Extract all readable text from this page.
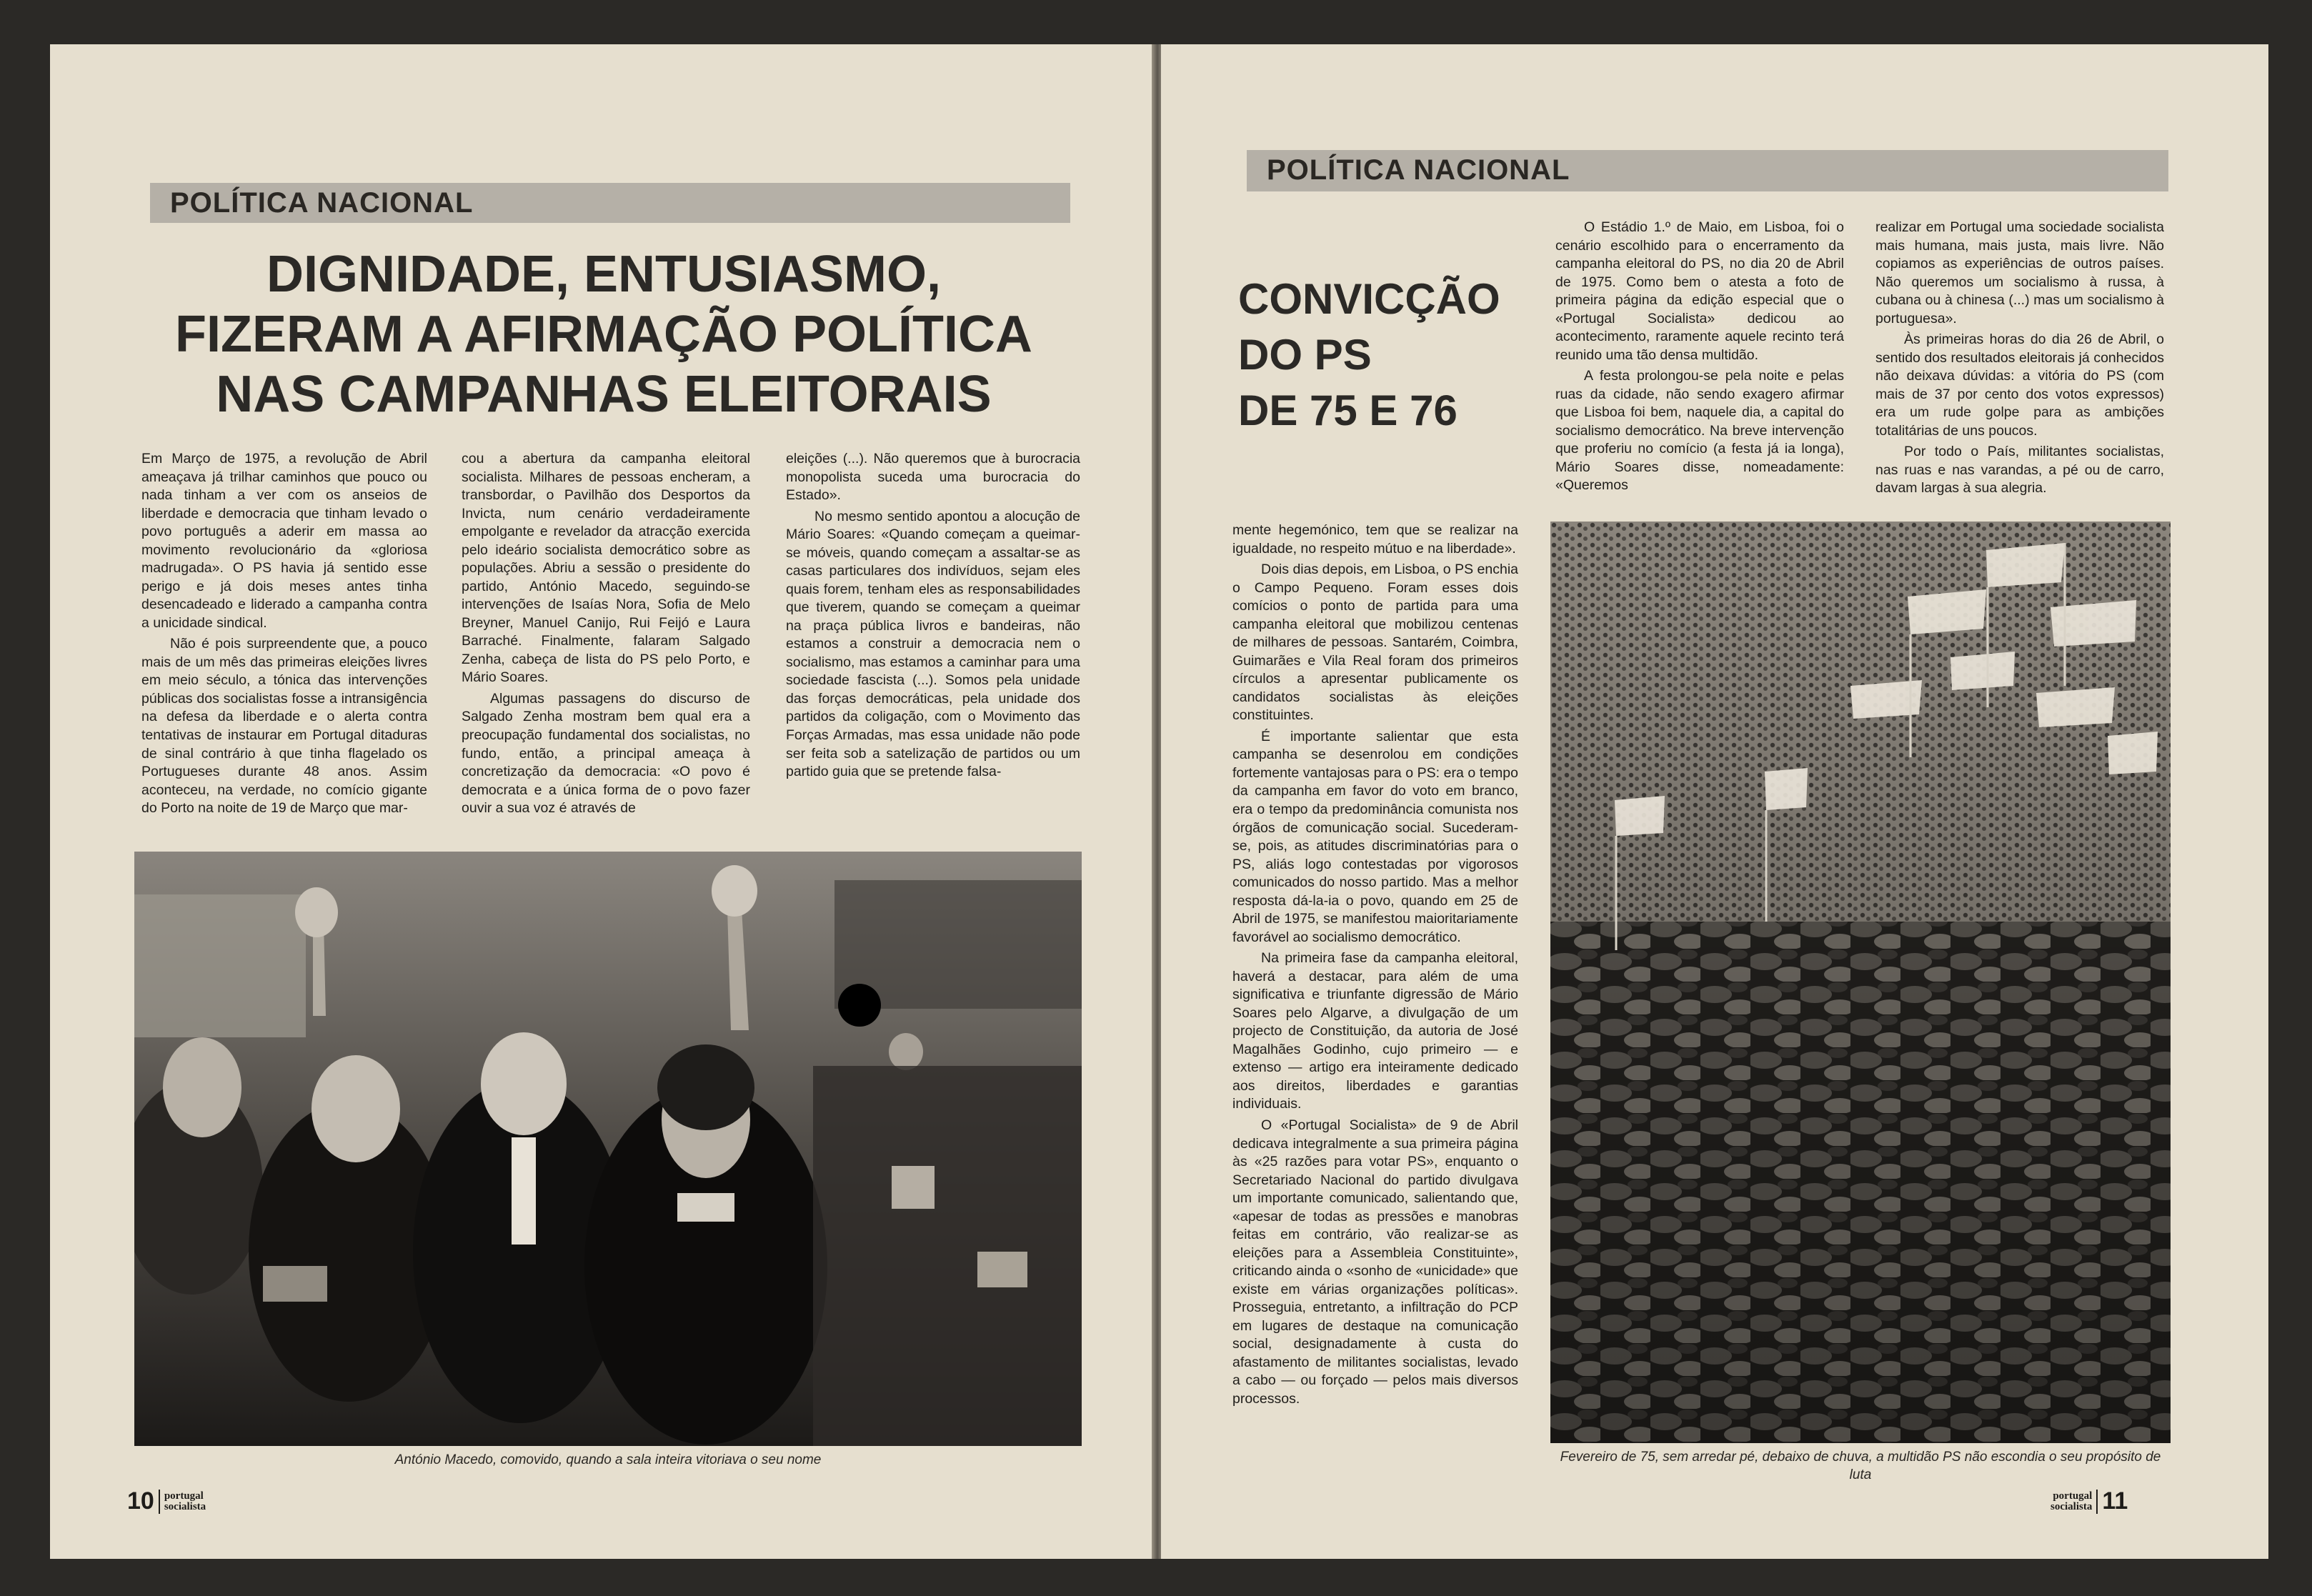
POLÍTICA NACIONAL
DIGNIDADE, ENTUSIASMO,
FIZERAM A AFIRMAÇÃO POLÍTICA
NAS CAMPANHAS ELEITORAIS

Em Março de 1975, a revolução de Abril ameaçava já trilhar caminhos que pouco ou nada tinham a ver com os anseios de liberdade e democracia que tinham levado o povo português a aderir em massa ao movimento revolucionário da «gloriosa madrugada». O PS havia já sentido esse perigo e já dois meses antes tinha desencadeado e liderado a campanha contra a unicidade sindical.

Não é pois surpreendente que, a pouco mais de um mês das primeiras eleições livres em meio século, a tónica das intervenções públicas dos socialistas fosse a intransigência na defesa da liberdade e o alerta contra tentativas de instaurar em Portugal ditaduras de sinal contrário à que tinha flagelado os Portugueses durante 48 anos. Assim aconteceu, na verdade, no comício gigante do Porto na noite de 19 de Março que mar-

cou a abertura da campanha eleitoral socialista. Milhares de pessoas encheram, a transbordar, o Pavilhão dos Desportos da Invicta, num cenário verdadeiramente empolgante e revelador da atracção exercida pelo ideário socialista democrático sobre as populações. Abriu a sessão o presidente do partido, António Macedo, seguindo-se intervenções de Isaías Nora, Sofia de Melo Breyner, Manuel Canijo, Rui Feijó e Laura Barraché. Finalmente, falaram Salgado Zenha, cabeça de lista do PS pelo Porto, e Mário Soares.

Algumas passagens do discurso de Salgado Zenha mostram bem qual era a preocupação fundamental dos socialistas, no fundo, então, a principal ameaça à concretização da democracia: «O povo é democrata e a única forma de o povo fazer ouvir a sua voz é através de

eleições (...). Não queremos que à burocracia monopolista suceda uma burocracia do Estado».

No mesmo sentido apontou a alocução de Mário Soares: «Quando começam a queimar-se móveis, quando começam a assaltar-se as casas particulares dos indivíduos, sejam eles quais forem, tenham eles as responsabilidades que tiverem, quando se começam a queimar na praça pública livros e bandeiras, não estamos a construir a democracia nem o socialismo, mas estamos a caminhar para uma sociedade fascista (...). Somos pela unidade das forças democráticas, pela unidade dos partidos da coligação, com o Movimento das Forças Armadas, mas essa unidade não pode ser feita sob a satelização de partidos ou um partido guia que se pretende falsa-

António Macedo, comovido, quando a sala inteira vitoriava o seu nome
10 portugal
socialista
POLÍTICA NACIONAL
CONVICÇÃO
DO PS
DE 75 E 76

O Estádio 1.º de Maio, em Lisboa, foi o cenário escolhido para o encerramento da campanha eleitoral do PS, no dia 20 de Abril de 1975. Como bem o atesta a foto de primeira página da edição especial que o «Portugal Socialista» dedicou ao acontecimento, raramente aquele recinto terá reunido uma tão densa multidão.

A festa prolongou-se pela noite e pelas ruas da cidade, não sendo exagero afirmar que Lisboa foi bem, naquele dia, a capital do socialismo democrático. Na breve intervenção que proferiu no comício (a festa já ia longa), Mário Soares disse, nomeadamente: «Queremos

realizar em Portugal uma sociedade socialista mais humana, mais justa, mais livre. Não copiamos as experiências de outros países. Não queremos um socialismo à russa, à cubana ou à chinesa (...) mas um socialismo à portuguesa».

Às primeiras horas do dia 26 de Abril, o sentido dos resultados eleitorais já conhecidos não deixava dúvidas: a vitória do PS (com mais de 37 por cento dos votos expressos) era um rude golpe para as ambições totalitárias de uns poucos.

Por todo o País, militantes socialistas, nas ruas e nas varandas, a pé ou de carro, davam largas à sua alegria.

mente hegemónico, tem que se realizar na igualdade, no respeito mútuo e na liberdade».

Dois dias depois, em Lisboa, o PS enchia o Campo Pequeno. Foram esses dois comícios o ponto de partida para uma campanha eleitoral que mobilizou centenas de milhares de pessoas. Santarém, Coimbra, Guimarães e Vila Real foram dos primeiros círculos a apresentar publicamente os candidatos socialistas às eleições constituintes.

É importante salientar que esta campanha se desenrolou em condições fortemente vantajosas para o PS: era o tempo da campanha em favor do voto em branco, era o tempo da predominância comunista nos órgãos de comunicação social. Sucederam-se, pois, as atitudes discriminatórias para o PS, aliás logo contestadas por vigorosos comunicados do nosso partido. Mas a melhor resposta dá-la-ia o povo, quando em 25 de Abril de 1975, se manifestou maioritariamente favorável ao socialismo democrático.

Na primeira fase da campanha eleitoral, haverá a destacar, para além de uma significativa e triunfante digressão de Mário Soares pelo Algarve, a divulgação de um projecto de Constituição, da autoria de José Magalhães Godinho, cujo primeiro — e extenso — artigo era inteiramente dedicado aos direitos, liberdades e garantias individuais.

O «Portugal Socialista» de 9 de Abril dedicava integralmente a sua primeira página às «25 razões para votar PS», enquanto o Secretariado Nacional do partido divulgava um importante comunicado, salientando que, «apesar de todas as pressões e manobras feitas em contrário, vão realizar-se as eleições para a Assembleia Constituinte», criticando ainda o «sonho de «unicidade» que existe em várias organizações políticas». Prosseguia, entretanto, a infiltração do PCP em lugares de destaque na comunicação social, designadamente à custa do afastamento de militantes socialistas, levado a cabo — ou forçado — pelos mais diversos processos.

Fevereiro de 75, sem arredar pé, debaixo de chuva, a multidão PS não escondia o seu propósito de luta
portugal
socialista 11
